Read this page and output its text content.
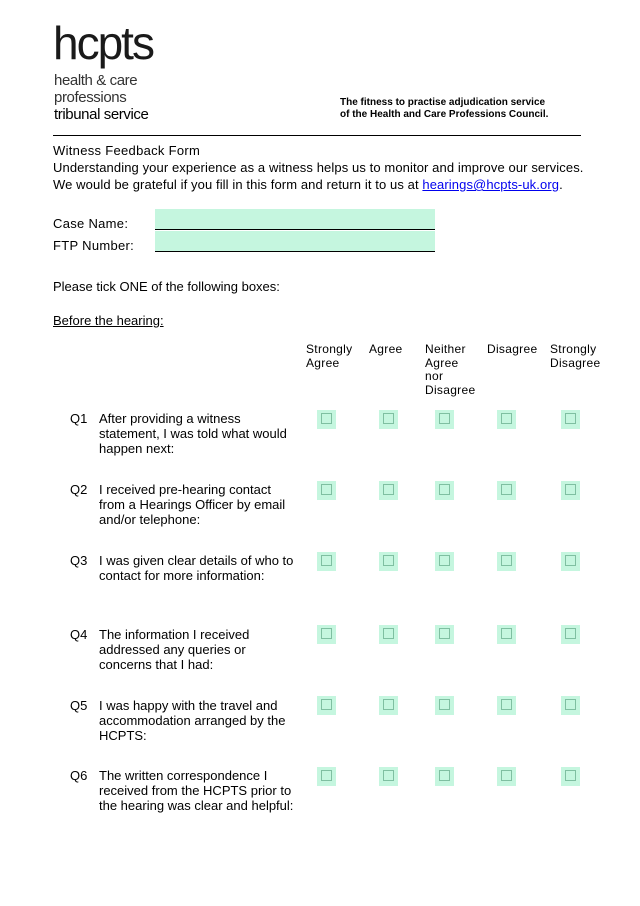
hcpts
health & care
professions
tribunal service
The fitness to practise adjudication service
of the Health and Care Professions Council.
Witness Feedback Form
Understanding your experience as a witness helps us to monitor and improve our services.
We would be grateful if you fill in this form and return it to us at hearings@hcpts-uk.org.
Case Name:
FTP Number:
Please tick ONE of the following boxes:
Before the hearing:
Strongly
Agree
Agree Neither
Agree
nor
Disagree
Disagree Strongly
Disagree
Q1 After providing a witness
statement, I was told what would
happen next:
Q2 I received pre-hearing contact
from a Hearings Officer by email
and/or telephone:
Q3 I was given clear details of who to
contact for more information:
Q4 The information I received
addressed any queries or
concerns that I had:
Q5 I was happy with the travel and
accommodation arranged by the
HCPTS:
Q6 The written correspondence I
received from the HCPTS prior to
the hearing was clear and helpful:
